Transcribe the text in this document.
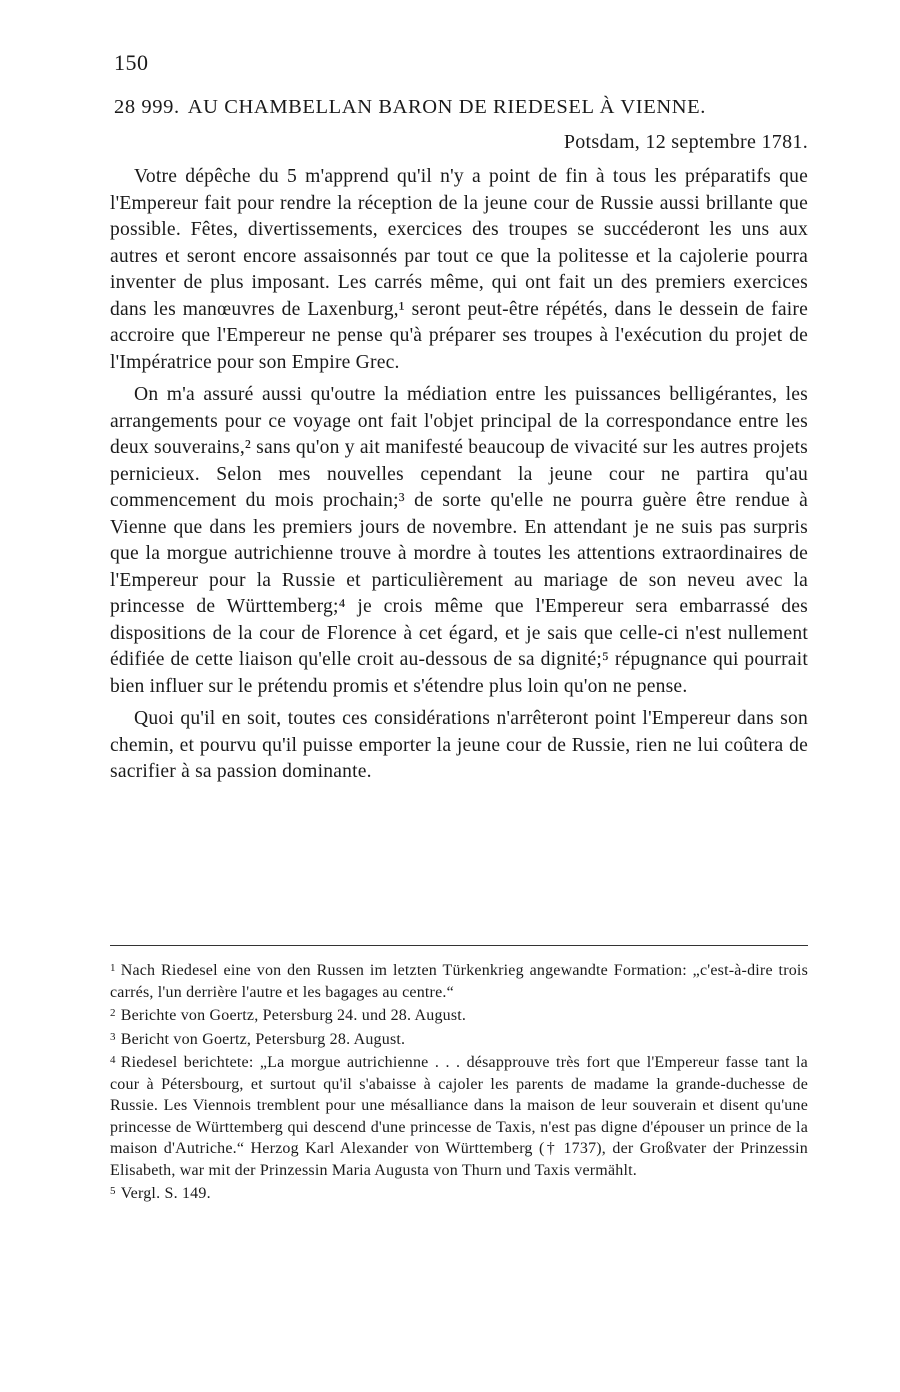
150
28 999. AU CHAMBELLAN BARON DE RIEDESEL À VIENNE.
Potsdam, 12 septembre 1781.

Votre dépêche du 5 m'apprend qu'il n'y a point de fin à tous les préparatifs que l'Empereur fait pour rendre la réception de la jeune cour de Russie aussi brillante que possible. Fêtes, divertissements, exercices des troupes se succéderont les uns aux autres et seront encore assaisonnés par tout ce que la politesse et la cajolerie pourra inventer de plus imposant. Les carrés même, qui ont fait un des premiers exercices dans les manœuvres de Laxenburg,¹ seront peut-être répétés, dans le dessein de faire accroire que l'Empereur ne pense qu'à préparer ses troupes à l'exécution du projet de l'Impératrice pour son Empire Grec.

On m'a assuré aussi qu'outre la médiation entre les puissances belligérantes, les arrangements pour ce voyage ont fait l'objet principal de la correspondance entre les deux souverains,² sans qu'on y ait manifesté beaucoup de vivacité sur les autres projets pernicieux. Selon mes nouvelles cependant la jeune cour ne partira qu'au commencement du mois prochain;³ de sorte qu'elle ne pourra guère être rendue à Vienne que dans les premiers jours de novembre. En attendant je ne suis pas surpris que la morgue autrichienne trouve à mordre à toutes les attentions extraordinaires de l'Empereur pour la Russie et particulièrement au mariage de son neveu avec la princesse de Württemberg;⁴ je crois même que l'Empereur sera embarrassé des dispositions de la cour de Florence à cet égard, et je sais que celle-ci n'est nullement édifiée de cette liaison qu'elle croit au-dessous de sa dignité;⁵ répugnance qui pourrait bien influer sur le prétendu promis et s'étendre plus loin qu'on ne pense.

Quoi qu'il en soit, toutes ces considérations n'arrêteront point l'Empereur dans son chemin, et pourvu qu'il puisse emporter la jeune cour de Russie, rien ne lui coûtera de sacrifier à sa passion dominante.

$^1$ Nach Riedesel eine von den Russen im letzten Türkenkrieg angewandte Formation: „c'est-à-dire trois carrés, l'un derrière l'autre et les bagages au centre.“

$^2$ Berichte von Goertz, Petersburg 24. und 28. August.

$^3$ Bericht von Goertz, Petersburg 28. August.

$^4$ Riedesel berichtete: „La morgue autrichienne . . . désapprouve très fort que l'Empereur fasse tant la cour à Pétersbourg, et surtout qu'il s'abaisse à cajoler les parents de madame la grande-duchesse de Russie. Les Viennois tremblent pour une mésalliance dans la maison de leur souverain et disent qu'une princesse de Württemberg qui descend d'une princesse de Taxis, n'est pas digne d'épouser un prince de la maison d'Autriche.“ Herzog Karl Alexander von Württemberg († 1737), der Großvater der Prinzessin Elisabeth, war mit der Prinzessin Maria Augusta von Thurn und Taxis vermählt.

$^5$ Vergl. S. 149.
